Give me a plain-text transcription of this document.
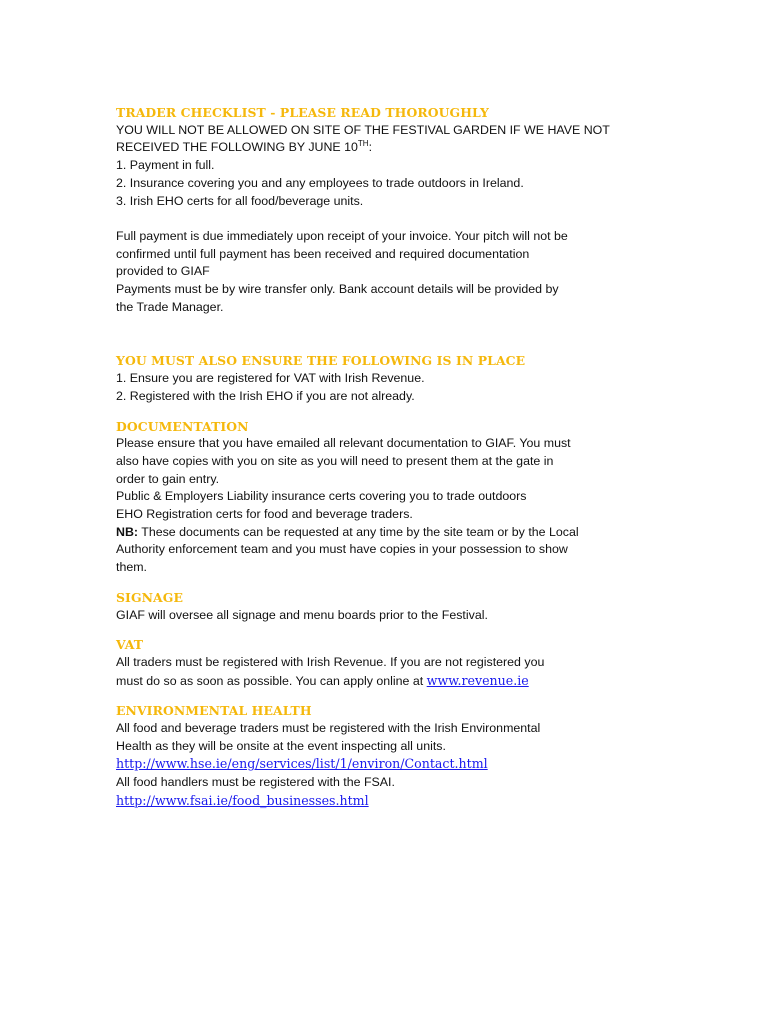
TRADER CHECKLIST - PLEASE READ THOROUGHLY
YOU WILL NOT BE ALLOWED ON SITE OF THE FESTIVAL GARDEN IF WE HAVE NOT
RECEIVED THE FOLLOWING BY JUNE 10TH:
1. Payment in full.
2. Insurance covering you and any employees to trade outdoors in Ireland.
3. Irish EHO certs for all food/beverage units.
Full payment is due immediately upon receipt of your invoice. Your pitch will not be
confirmed until full payment has been received and required documentation
provided to GIAF
Payments must be by wire transfer only. Bank account details will be provided by
the Trade Manager.
YOU MUST ALSO ENSURE THE FOLLOWING IS IN PLACE
1. Ensure you are registered for VAT with Irish Revenue.
2. Registered with the Irish EHO if you are not already.
DOCUMENTATION
Please ensure that you have emailed all relevant documentation to GIAF. You must
also have copies with you on site as you will need to present them at the gate in
order to gain entry.
Public & Employers Liability insurance certs covering you to trade outdoors
EHO Registration certs for food and beverage traders.
NB: These documents can be requested at any time by the site team or by the Local
Authority enforcement team and you must have copies in your possession to show
them.
SIGNAGE
GIAF will oversee all signage and menu boards prior to the Festival.
VAT
All traders must be registered with Irish Revenue. If you are not registered you
must do so as soon as possible. You can apply online at www.revenue.ie
ENVIRONMENTAL HEALTH
All food and beverage traders must be registered with the Irish Environmental
Health as they will be onsite at the event inspecting all units.
http://www.hse.ie/eng/services/list/1/environ/Contact.html
All food handlers must be registered with the FSAI.
http://www.fsai.ie/food_businesses.html
